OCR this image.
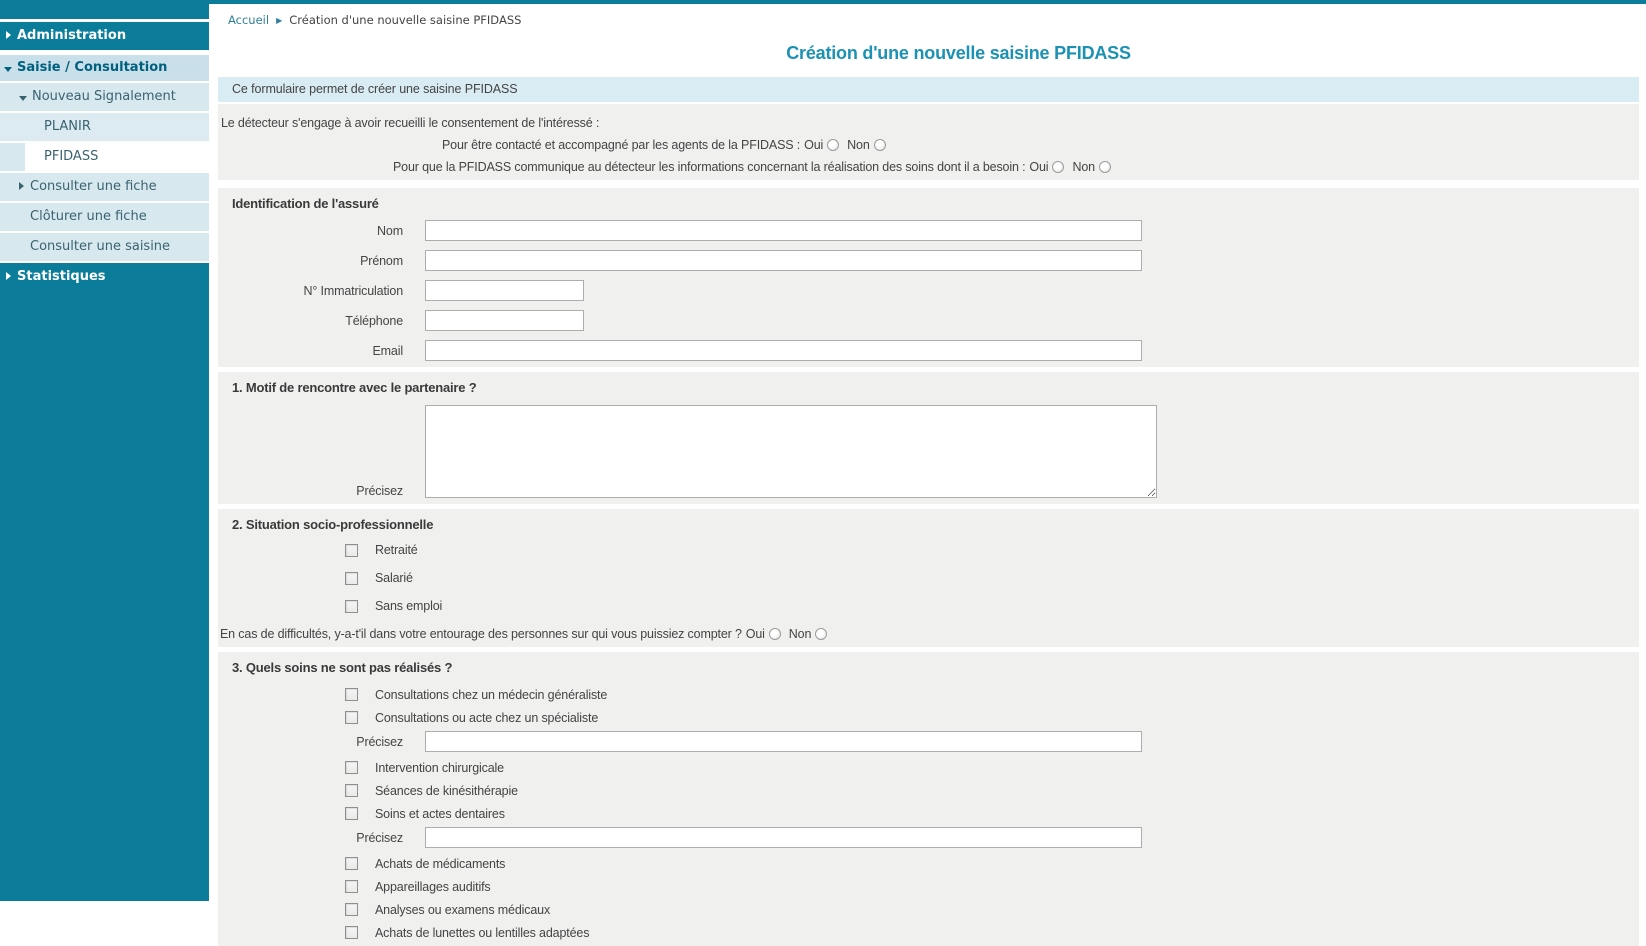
Administration
Saisie / Consultation
Nouveau Signalement
PLANIR
PFIDASS
Consulter une fiche
Clôturer une fiche
Consulter une saisine
Statistiques
Accueil ▶ Création d'une nouvelle saisine PFIDASS
Création d'une nouvelle saisine PFIDASS
Ce formulaire permet de créer une saisine PFIDASS
Le détecteur s'engage à avoir recueilli le consentement de l'intéressé :
Pour être contacté et accompagné par les agents de la PFIDASS : Oui Non
Pour que la PFIDASS communique au détecteur les informations concernant la réalisation des soins dont il a besoin : Oui Non
Identification de l'assuré
Nom
Prénom
N° Immatriculation
Téléphone
Email
1. Motif de rencontre avec le partenaire ?
Précisez
2. Situation socio-professionnelle
Retraité
Salarié
Sans emploi
En cas de difficultés, y-a-t'il dans votre entourage des personnes sur qui vous puissiez compter ? Oui Non
3. Quels soins ne sont pas réalisés ?
Consultations chez un médecin généraliste
Consultations ou acte chez un spécialiste
Précisez
Intervention chirurgicale
Séances de kinésithérapie
Soins et actes dentaires
Précisez
Achats de médicaments
Appareillages auditifs
Analyses ou examens médicaux
Achats de lunettes ou lentilles adaptées
